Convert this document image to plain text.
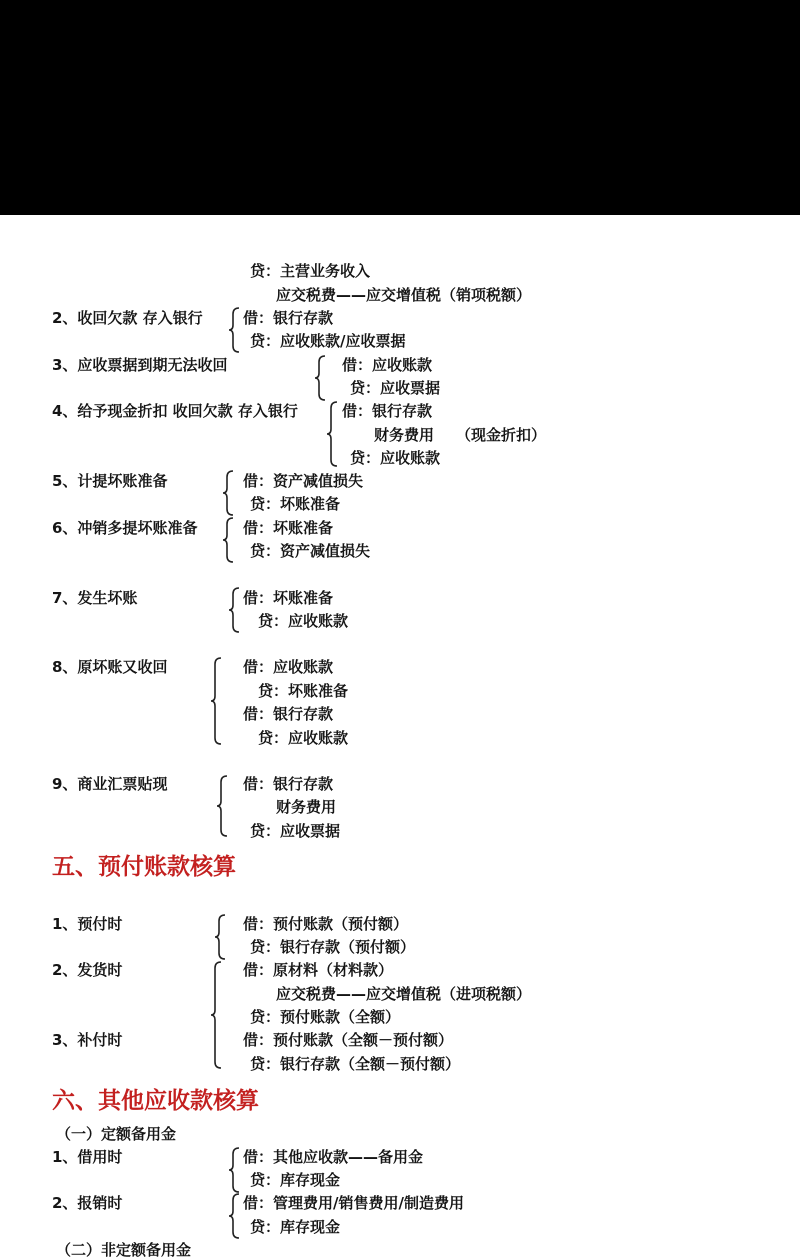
贷：主营业务收入
应交税费——应交增值税（销项税额）
2、收回欠款 存入银行	借：银行存款
贷：应收账款/应收票据
3、应收票据到期无法收回	借：应收账款
贷：应收票据
4、给予现金折扣 收回欠款 存入银行	借：银行存款
财务费用 （现金折扣）
贷：应收账款
5、计提坏账准备	借：资产减值损失
贷：坏账准备
6、冲销多提坏账准备	借：坏账准备
贷：资产减值损失
7、发生坏账	借：坏账准备
贷：应收账款
8、原坏账又收回	借：应收账款
贷：坏账准备
借：银行存款
贷：应收账款
9、商业汇票贴现	借：银行存款
财务费用
贷：应收票据
五、预付账款核算
1、预付时	借：预付账款（预付额）
贷：银行存款（预付额）
2、发货时	借：原材料（材料款）
应交税费——应交增值税（进项税额）
贷：预付账款（全额）
3、补付时	借：预付账款（全额－预付额）
贷：银行存款（全额－预付额）
六、其他应收款核算
（一）定额备用金
1、借用时	借：其他应收款——备用金
贷：库存现金
2、报销时	借：管理费用/销售费用/制造费用
贷：库存现金
（二）非定额备用金
